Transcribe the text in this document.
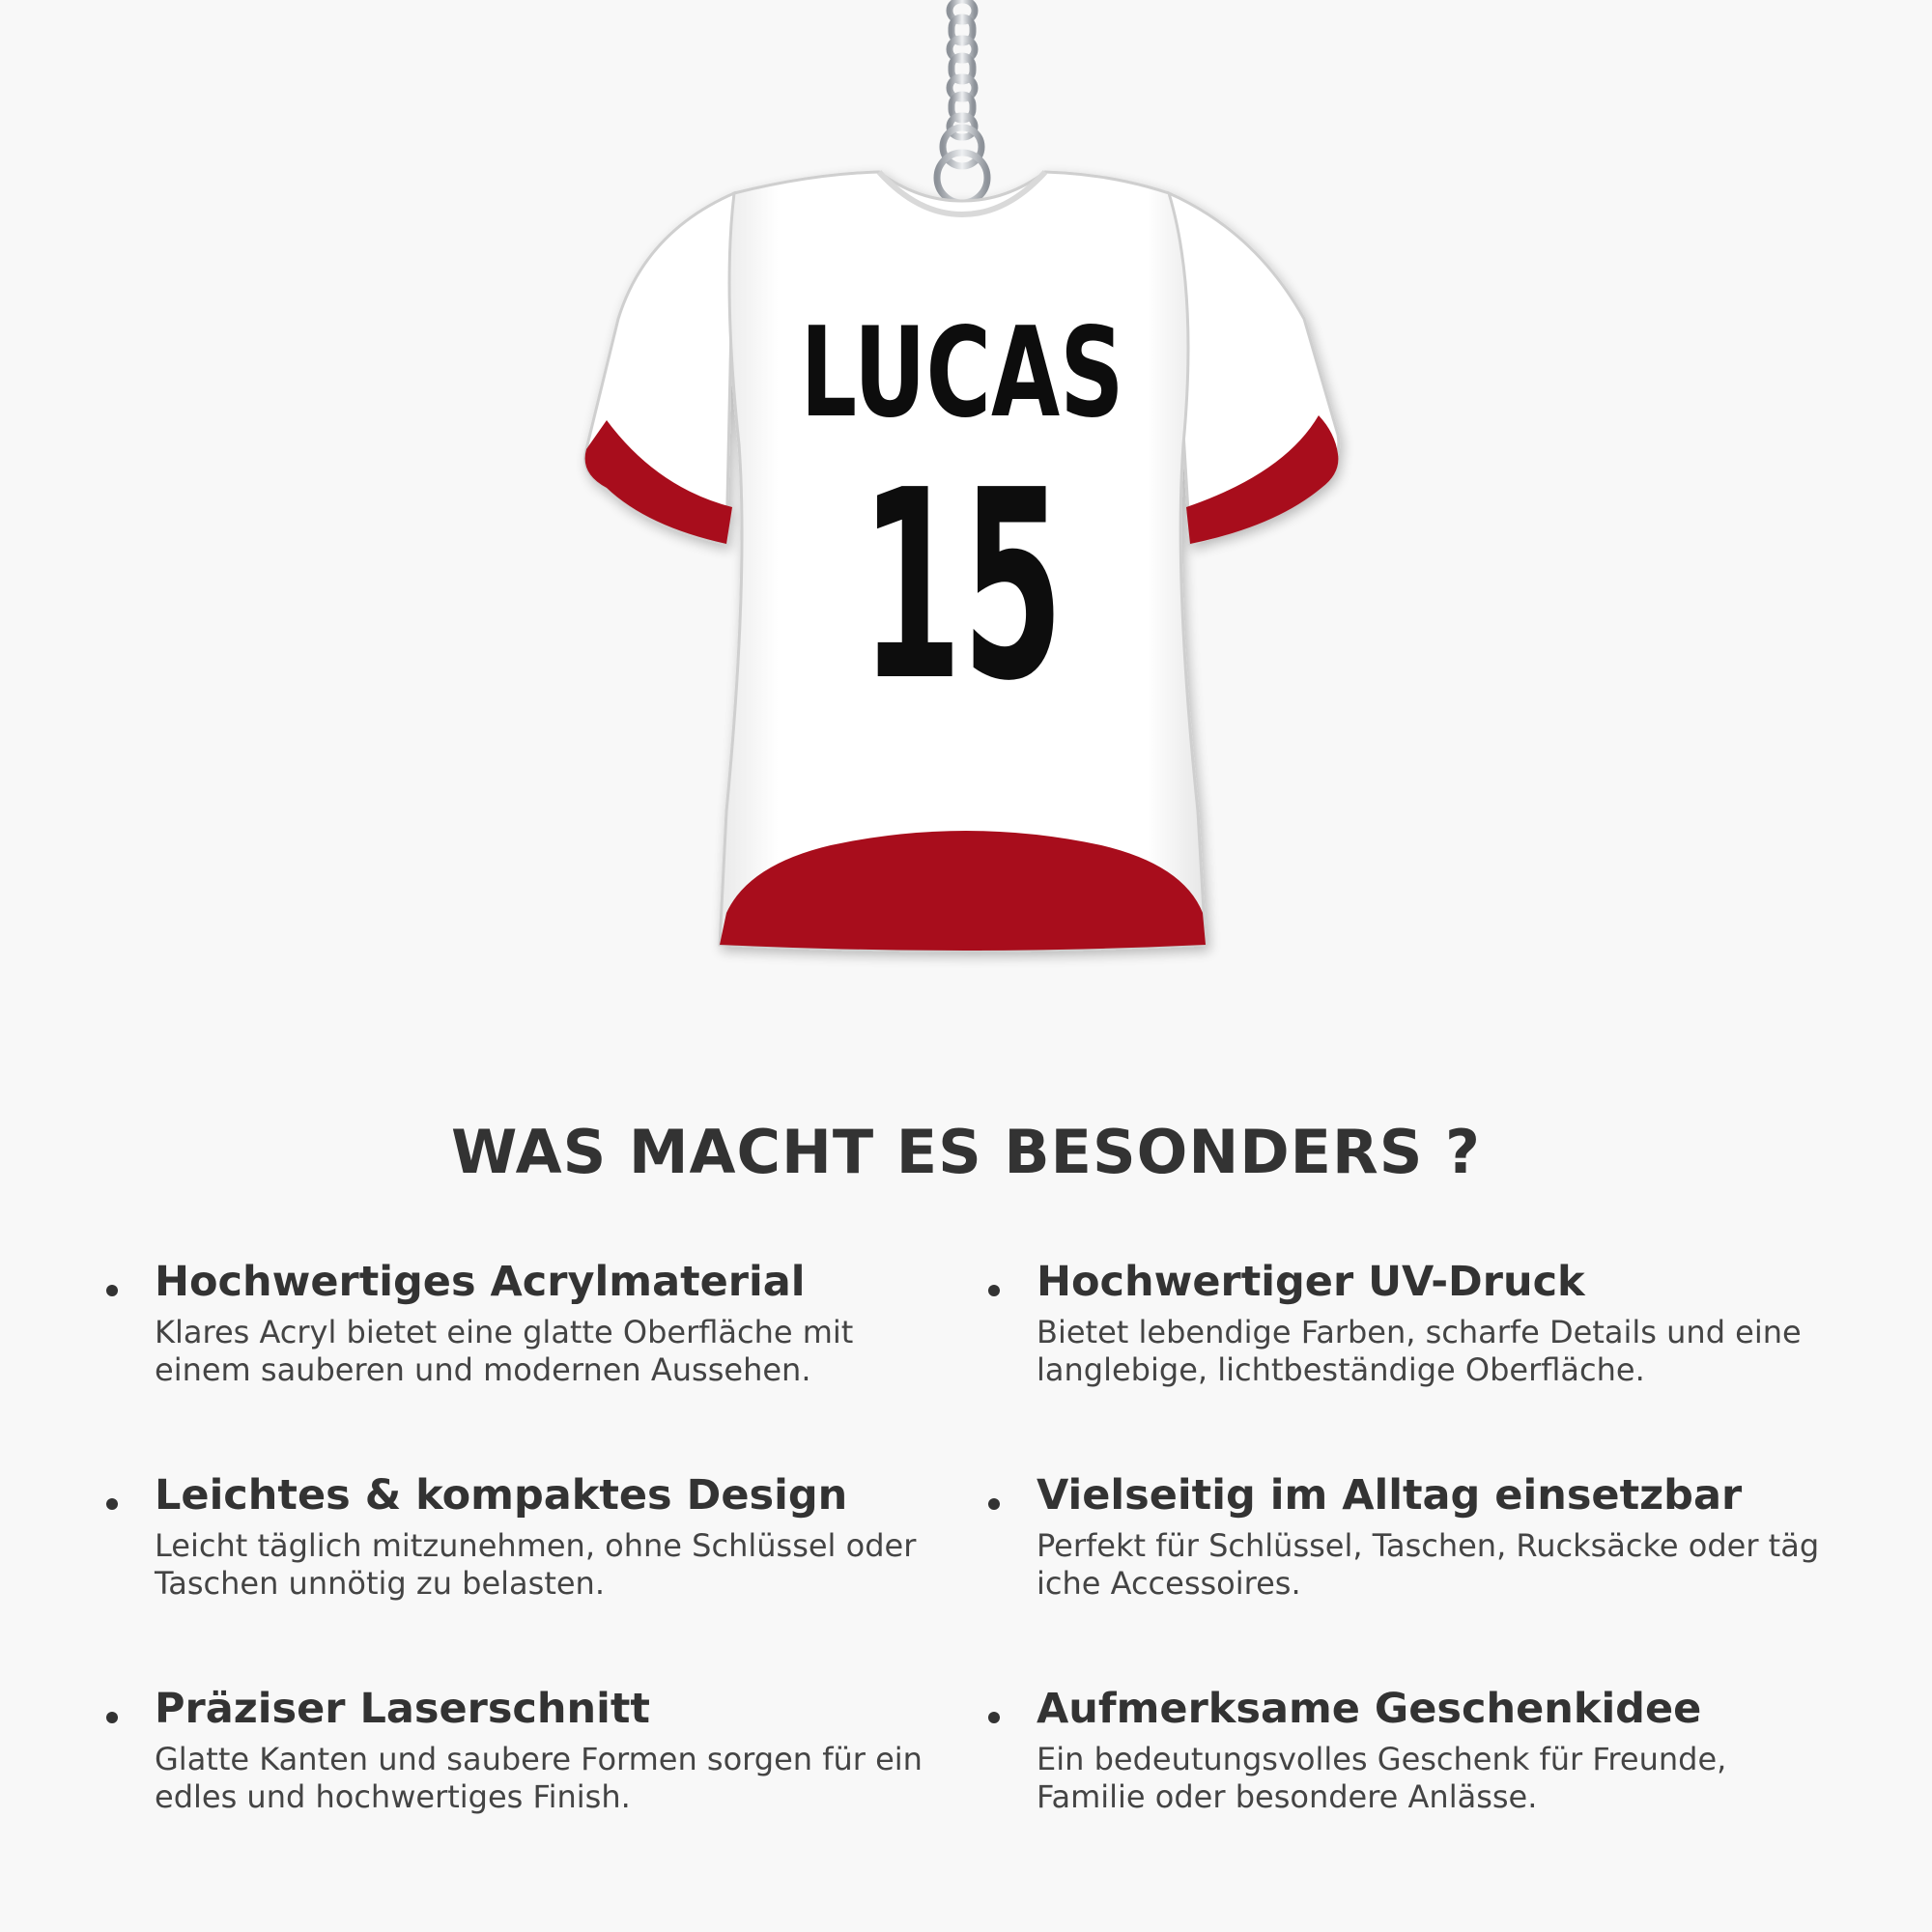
LUCAS
15
WAS MACHT ES BESONDERS ?

Hochwertiges Acrylmaterial

Klares Acryl bietet eine glatte Oberfläche mit einem sauberen und modernen Aussehen.

Hochwertiger UV-Druck

Bietet lebendige Farben, scharfe Details und eine langlebige, lichtbeständige Oberfläche.

Leichtes & kompaktes Design

Leicht täglich mitzunehmen, ohne Schlüssel oder Taschen unnötig zu belasten.

Vielseitig im Alltag einsetzbar

Perfekt für Schlüssel, Taschen, Rucksäcke oder täg iche Accessoires.

Präziser Laserschnitt

Glatte Kanten und saubere Formen sorgen für ein edles und hochwertiges Finish.

Aufmerksame Geschenkidee

Ein bedeutungsvolles Geschenk für Freunde, Familie oder besondere Anlässe.
